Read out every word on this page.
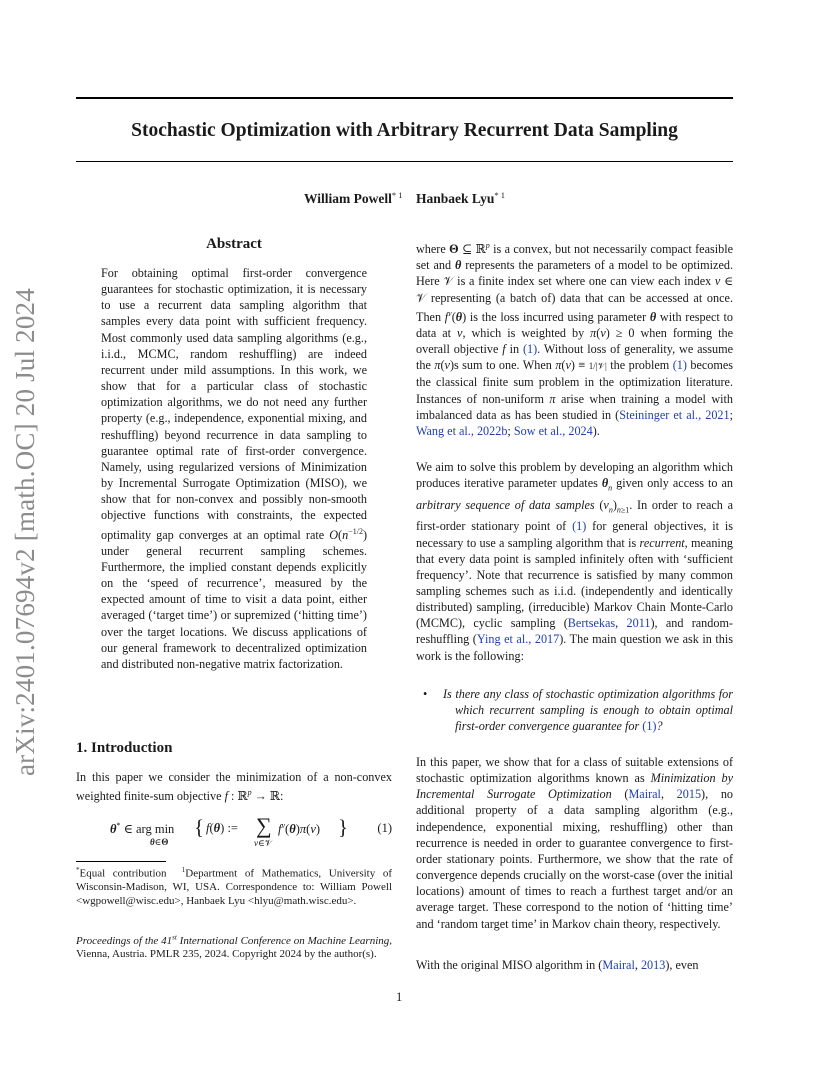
Stochastic Optimization with Arbitrary Recurrent Data Sampling
William Powell$^{* 1}$ Hanbaek Lyu$^{* 1}$
arXiv:2401.07694v2 [math.OC] 20 Jul 2024
Abstract
For obtaining optimal first-order convergence guarantees for stochastic optimization, it is necessary to use a recurrent data sampling algorithm that samples every data point with sufficient frequency. Most commonly used data sampling algorithms (e.g., i.i.d., MCMC, random reshuffling) are indeed recurrent under mild assumptions. In this work, we show that for a particular class of stochastic optimization algorithms, we do not need any further property (e.g., independence, exponential mixing, and reshuffling) beyond recurrence in data sampling to guarantee optimal rate of first-order convergence. Namely, using regularized versions of Minimization by Incremental Surrogate Optimization (MISO), we show that for non-convex and possibly non-smooth objective functions with constraints, the expected optimality gap converges at an optimal rate $O(n^{-1/2})$ under general recurrent sampling schemes. Furthermore, the implied constant depends explicitly on the ‘speed of recurrence’, measured by the expected amount of time to visit a data point, either averaged (‘target time’) or supremized (‘hitting time’) over the target locations. We discuss applications of our general framework to decentralized optimization and distributed non-negative matrix factorization.
1. Introduction
In this paper we consider the minimization of a non-convex weighted finite-sum objective f : ℝ$^p$ → ℝ:
θ* ∈ arg min
θ∈Θ
{ f(θ) := ∑
v∈𝒱
$f^v(\theta)\pi(v)$ } (1)
*Equal contribution  $^1$Department of Mathematics, University of Wisconsin-Madison, WI, USA. Correspondence to: William Powell <wgpowell@wisc.edu>, Hanbaek Lyu <hlyu@math.wisc.edu>.
Proceedings of the 41st International Conference on Machine Learning, Vienna, Austria. PMLR 235, 2024. Copyright 2024 by the author(s).
1
where Θ ⊆ ℝ$^p$ is a convex, but not necessarily compact feasible set and θ represents the parameters of a model to be optimized. Here 𝒱 is a finite index set where one can view each index v ∈ 𝒱 representing (a batch of) data that can be accessed at once. Then $f^v(\theta)$ is the loss incurred using parameter θ with respect to data at v, which is weighted by π(v) ≥ 0 when forming the overall objective f in (1). Without loss of generality, we assume the π(v)s sum to one. When π(v) ≡ 1/|𝒱| the problem (1) becomes the classical finite sum problem in the optimization literature. Instances of non-uniform π arise when training a model with imbalanced data as has been studied in (Steininger et al., 2021; Wang et al., 2022b; Sow et al., 2024).
We aim to solve this problem by developing an algorithm which produces iterative parameter updates $\theta_n$ given only access to an arbitrary sequence of data samples $(v_n)_{n\ge 1}$. In order to reach a first-order stationary point of (1) for general objectives, it is necessary to use a sampling algorithm that is recurrent, meaning that every data point is sampled infinitely often with ‘sufficient frequency’. Note that recurrence is satisfied by many common sampling schemes such as i.i.d. (independently and identically distributed) sampling, (irreducible) Markov Chain Monte-Carlo (MCMC), cyclic sampling (Bertsekas, 2011), and random-reshuffling (Ying et al., 2017). The main question we ask in this work is the following:
•	Is there any class of stochastic optimization algorithms for which recurrent sampling is enough to obtain optimal first-order convergence guarantee for (1)?
In this paper, we show that for a class of suitable extensions of stochastic optimization algorithms known as Minimization by Incremental Surrogate Optimization (Mairal, 2015), no additional property of a data sampling algorithm (e.g., independence, exponential mixing, reshuffling) other than recurrence is needed in order to guarantee convergence to first-order stationary points. Furthermore, we show that the rate of convergence depends crucially on the worst-case (over the initial locations) amount of times to reach a furthest target and/or an average target. These correspond to the notion of ‘hitting time’ and ‘random target time’ in Markov chain theory, respectively.
With the original MISO algorithm in (Mairal, 2013), even
